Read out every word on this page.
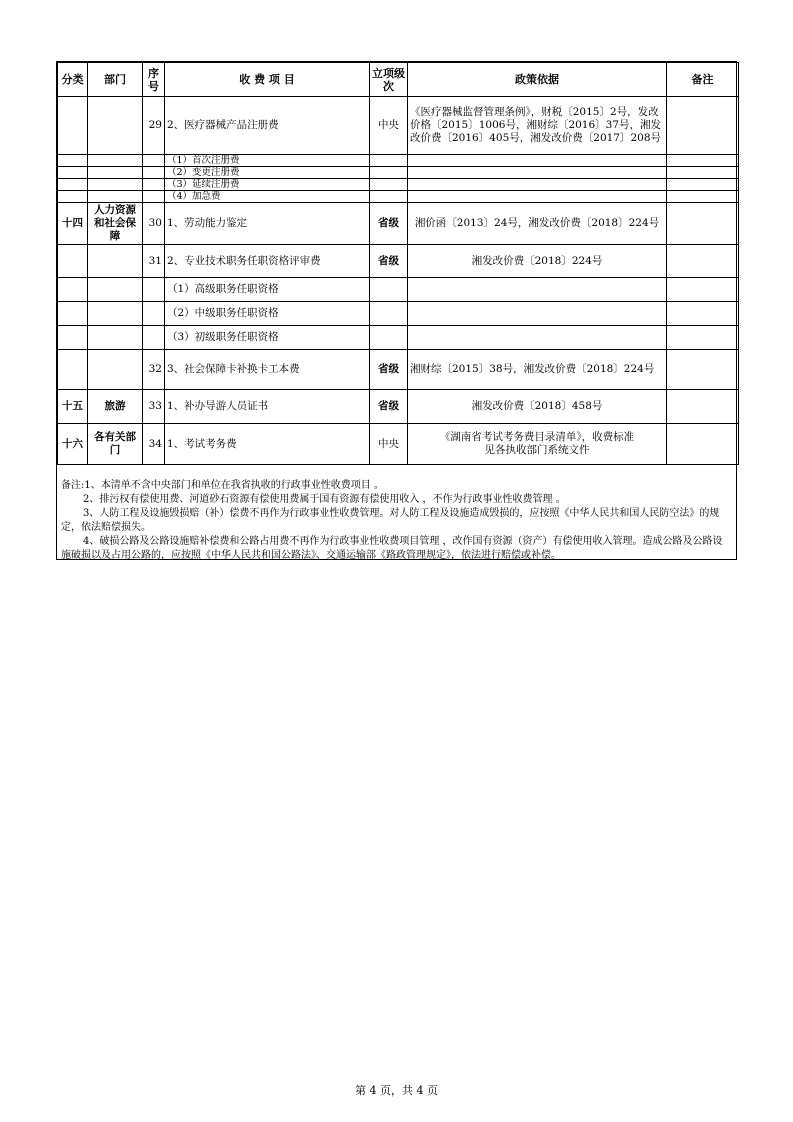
分类	部门	序号	收 费 项 目	立项级次	政策依据	备注
		29	2、医疗器械产品注册费	中央	《医疗器械监督管理条例》，财税〔2015〕2号，发改价格〔2015〕1006号，湘财综〔2016〕37号，湘发改价费〔2016〕405号，湘发改价费〔2017〕208号	
			（1）首次注册费			
			（2）变更注册费			
			（3）延续注册费			
			（4）加急费			
十四	人力资源和社会保障	30	1、劳动能力鉴定	省级	湘价函〔2013〕24号，湘发改价费〔2018〕224号	
		31	2、专业技术职务任职资格评审费	省级	湘发改价费〔2018〕224号	
			（1）高级职务任职资格			
			（2）中级职务任职资格			
			（3）初级职务任职资格			
		32	3、社会保障卡补换卡工本费	省级	湘财综〔2015〕38号，湘发改价费〔2018〕224号	
十五	旅游	33	1、补办导游人员证书	省级	湘发改价费〔2018〕458号	
十六	各有关部门	34	1、考试考务费	中央	《湖南省考试考务费目录清单》，收费标准见各执收部门系统文件	

备注:1、本清单不含中央部门和单位在我省执收的行政事业性收费项目 。

2、排污权有偿使用费、河道砂石资源有偿使用费属于国有资源有偿使用收入 ，不作为行政事业性收费管理 。

3、人防工程及设施毁损赔（补）偿费不再作为行政事业性收费管理。对人防工程及设施造成毁损的，应按照《中华人民共和国人民防空法》的规定，依法赔偿损失。

4、破损公路及公路设施赔补偿费和公路占用费不再作为行政事业性收费项目管理 ，改作国有资源（资产）有偿使用收入管理。造成公路及公路设施破损以及占用公路的，应按照《中华人民共和国公路法》、交通运输部《路政管理规定》，依法进行赔偿或补偿。

第 4 页，共 4 页
